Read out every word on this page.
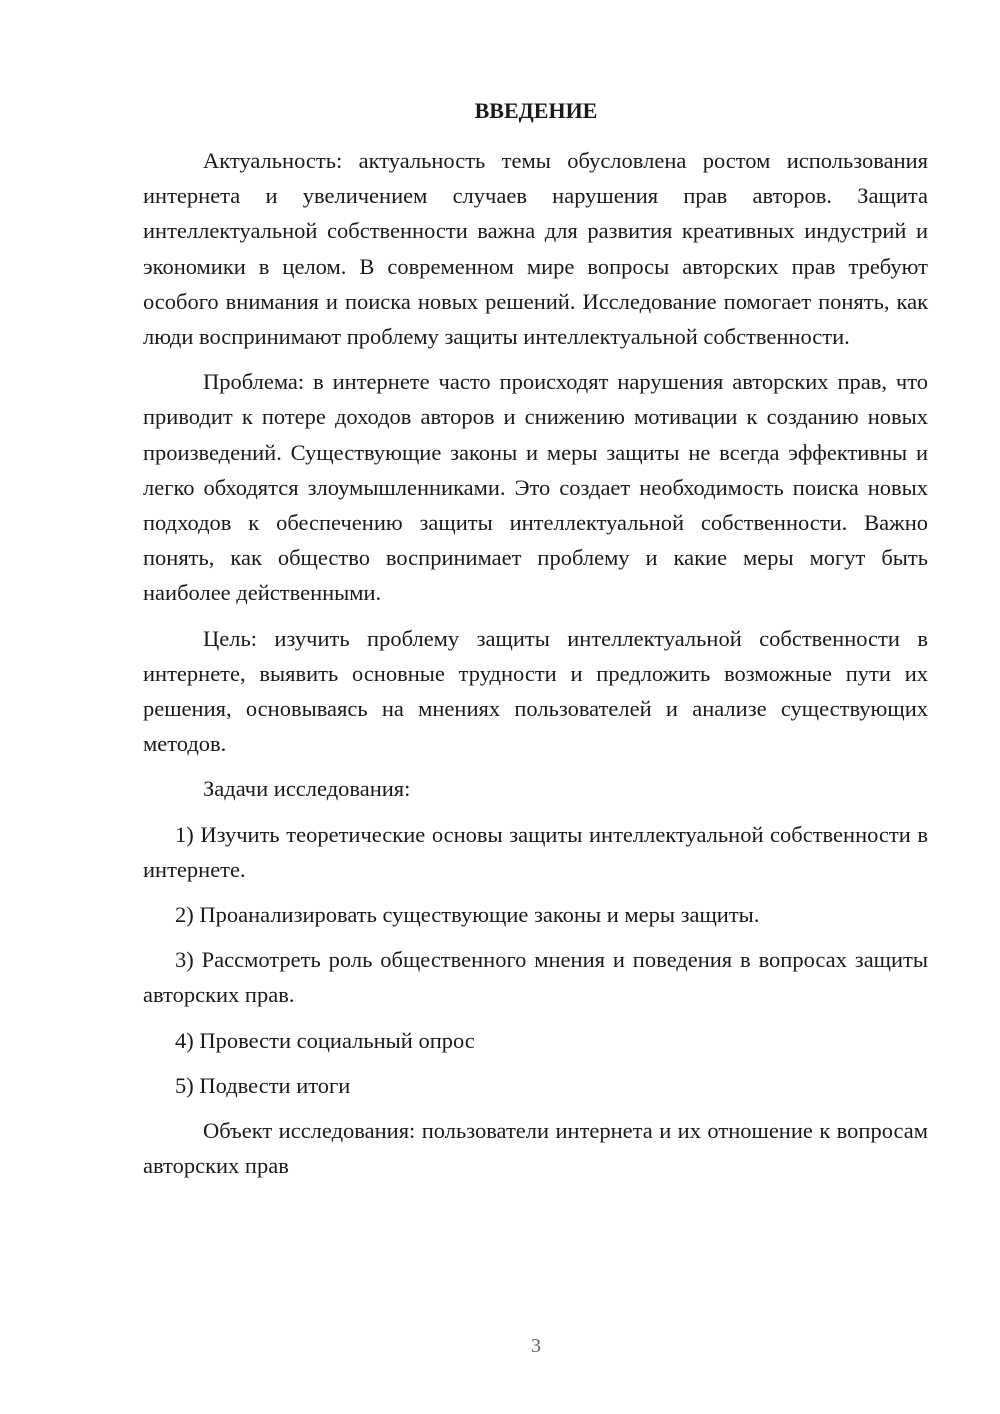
ВВЕДЕНИЕ

Актуальность: актуальность темы обусловлена ростом использования интернета и увеличением случаев нарушения прав авторов. Защита интеллектуальной собственности важна для развития креативных индустрий и экономики в целом. В современном мире вопросы авторских прав требуют особого внимания и поиска новых решений. Исследование помогает понять, как люди воспринимают проблему защиты интеллектуальной собственности.

Проблема: в интернете часто происходят нарушения авторских прав, что приводит к потере доходов авторов и снижению мотивации к созданию новых произведений. Существующие законы и меры защиты не всегда эффективны и легко обходятся злоумышленниками. Это создает необходимость поиска новых подходов к обеспечению защиты интеллектуальной собственности. Важно понять, как общество воспринимает проблему и какие меры могут быть наиболее действенными.

Цель: изучить проблему защиты интеллектуальной собственности в интернете, выявить основные трудности и предложить возможные пути их решения, основываясь на мнениях пользователей и анализе существующих методов.

Задачи исследования:

1) Изучить теоретические основы защиты интеллектуальной собственности в интернете.

2) Проанализировать существующие законы и меры защиты.

3) Рассмотреть роль общественного мнения и поведения в вопросах защиты авторских прав.

4) Провести социальный опрос

5) Подвести итоги

Объект исследования: пользователи интернета и их отношение к вопросам авторских прав

3
